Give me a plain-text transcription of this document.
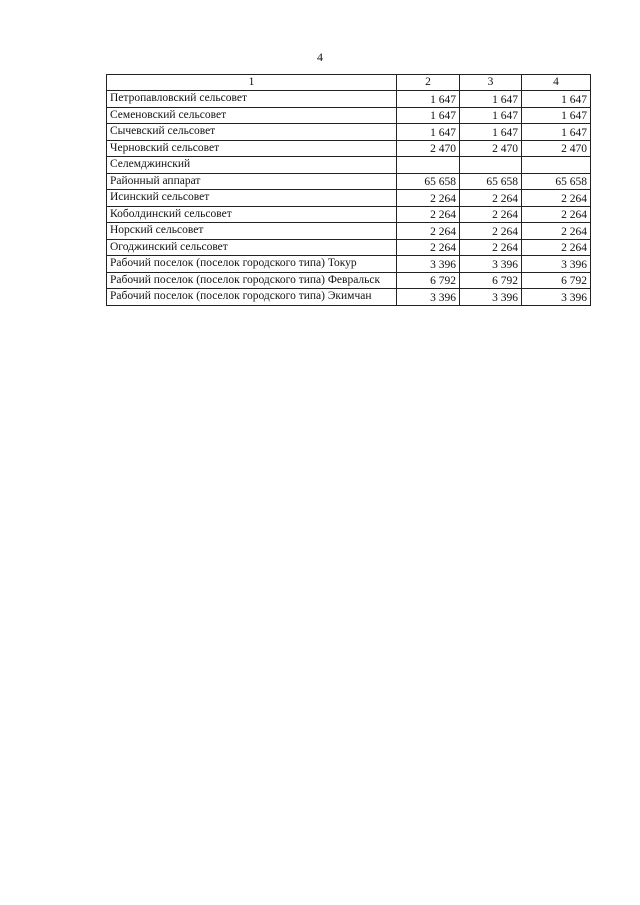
4
1	2	3	4
Петропавловский сельсовет	1 647	1 647	1 647
Семеновский сельсовет	1 647	1 647	1 647
Сычевский сельсовет	1 647	1 647	1 647
Черновский сельсовет	2 470	2 470	2 470
Селемджинский			
Районный аппарат	65 658	65 658	65 658
Исинский сельсовет	2 264	2 264	2 264
Коболдинский сельсовет	2 264	2 264	2 264
Норский сельсовет	2 264	2 264	2 264
Огоджинский сельсовет	2 264	2 264	2 264
Рабочий поселок (поселок городского типа) Токур	3 396	3 396	3 396
Рабочий поселок (поселок городского типа) Февральск	6 792	6 792	6 792
Рабочий поселок (поселок городского типа) Экимчан	3 396	3 396	3 396
